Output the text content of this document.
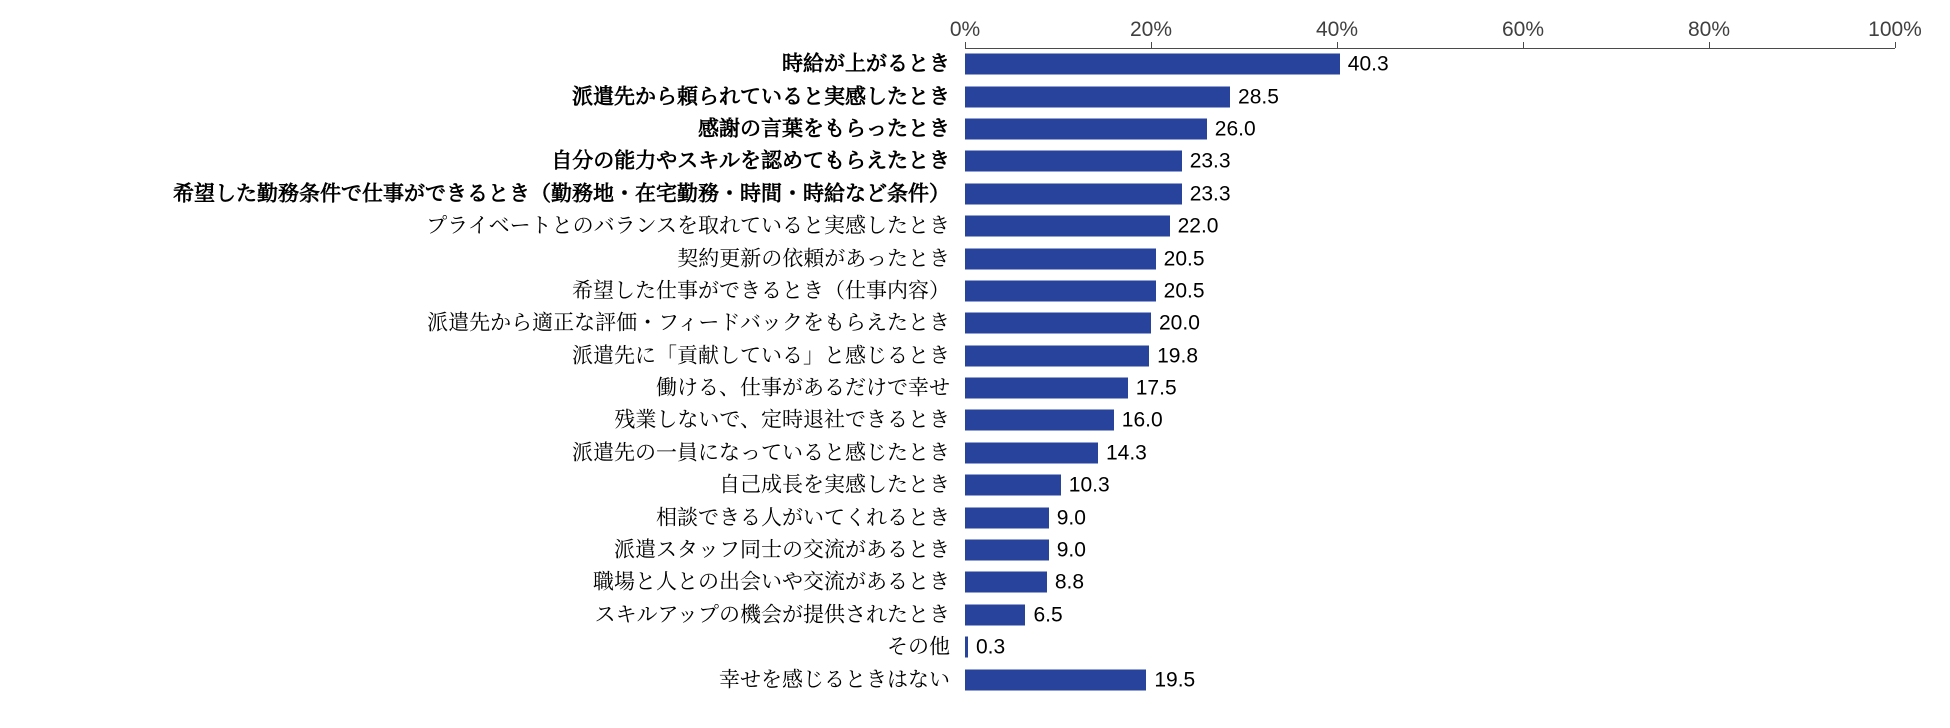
0%	20%	40%	60%	80%	100%
時給が上がるとき	40.3
派遣先から頼られていると実感したとき	28.5
感謝の言葉をもらったとき	26.0
自分の能力やスキルを認めてもらえたとき	23.3
希望した勤務条件で仕事ができるとき（勤務地・在宅勤務・時間・時給など条件）	23.3
プライベートとのバランスを取れていると実感したとき	22.0
契約更新の依頼があったとき	20.5
希望した仕事ができるとき（仕事内容）	20.5
派遣先から適正な評価・フィードバックをもらえたとき	20.0
派遣先に「貢献している」と感じるとき	19.8
働ける、仕事があるだけで幸せ	17.5
残業しないで、定時退社できるとき	16.0
派遣先の一員になっていると感じたとき	14.3
自己成長を実感したとき	10.3
相談できる人がいてくれるとき	9.0
派遣スタッフ同士の交流があるとき	9.0
職場と人との出会いや交流があるとき	8.8
スキルアップの機会が提供されたとき	6.5
その他 0.3
幸せを感じるときはない	19.5
